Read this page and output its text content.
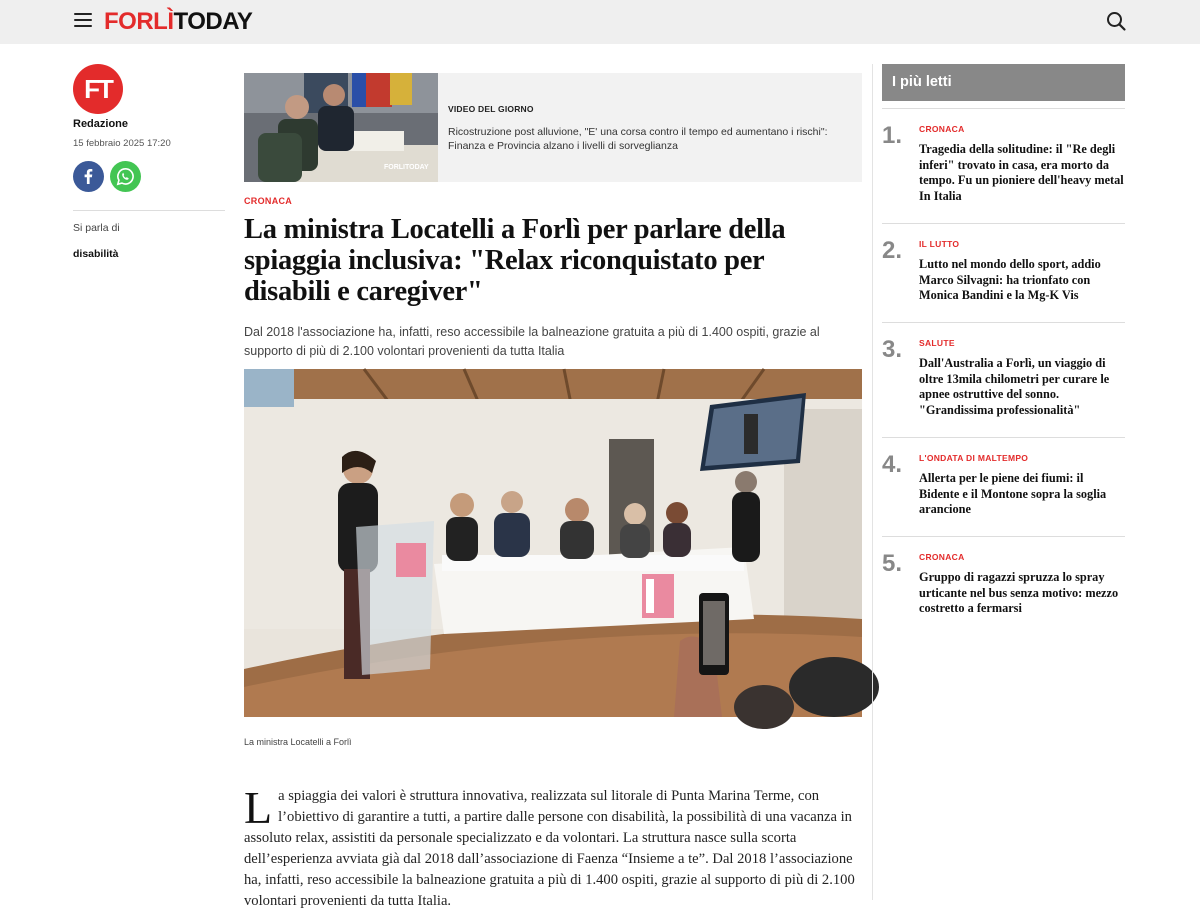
FORLÌTODAY
FT
Redazione
15 febbraio 2025 17:20
Si parla di
disabilità
FORLITODAY
VIDEO DEL GIORNO
Ricostruzione post alluvione, "E' una corsa contro il tempo ed aumentano i rischi": Finanza e Provincia alzano i livelli di sorveglianza
CRONACA
La ministra Locatelli a Forlì per parlare della spiaggia inclusiva: "Relax riconquistato per disabili e caregiver"

Dal 2018 l'associazione ha, infatti, reso accessibile la balneazione gratuita a più di 1.400 ospiti, grazie al supporto di più di 2.100 volontari provenienti da tutta Italia

La ministra Locatelli a Forlì
La spiaggia dei valori è struttura innovativa, realizzata sul litorale di Punta Marina Terme, con l’obiettivo di garantire a tutti, a partire dalle persone con disabilità, la possibilità di una vacanza in assoluto relax, assistiti da personale specializzato e da volontari. La struttura nasce sulla scorta dell’esperienza avviata già dal 2018 dall’associazione di Faenza “Insieme a te”. Dal 2018 l’associazione ha, infatti, reso accessibile la balneazione gratuita a più di 1.400 ospiti, grazie al supporto di più di 2.100 volontari provenienti da tutta Italia.
I più letti
1. CRONACA
Tragedia della solitudine: il "Re degli inferi" trovato in casa, era morto da tempo. Fu un pioniere dell'heavy metal In Italia
2. IL LUTTO
Lutto nel mondo dello sport, addio Marco Silvagni: ha trionfato con Monica Bandini e la Mg-K Vis
3. SALUTE
Dall'Australia a Forlì, un viaggio di oltre 13mila chilometri per curare le apnee ostruttive del sonno. "Grandissima professionalità"
4. L'ONDATA DI MALTEMPO
Allerta per le piene dei fiumi: il Bidente e il Montone sopra la soglia arancione
5. CRONACA
Gruppo di ragazzi spruzza lo spray urticante nel bus senza motivo: mezzo costretto a fermarsi
